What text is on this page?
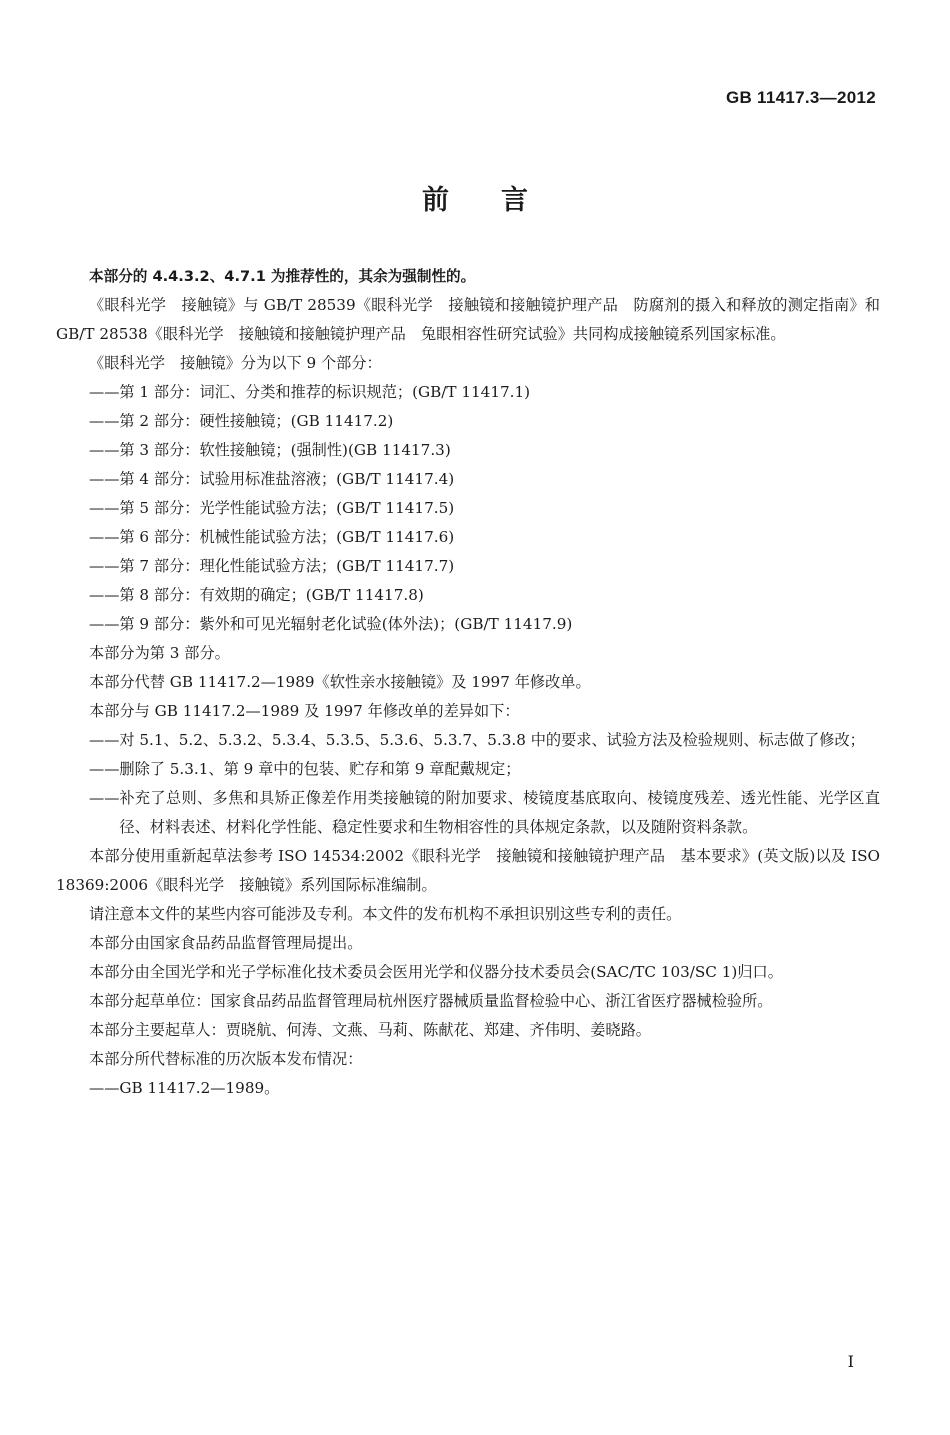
GB 11417.3—2012
前言

本部分的 4.4.3.2、4.7.1 为推荐性的，其余为强制性的。

《眼科光学　接触镜》与 GB/T 28539《眼科光学　接触镜和接触镜护理产品　防腐剂的摄入和释放的测定指南》和 GB/T 28538《眼科光学　接触镜和接触镜护理产品　兔眼相容性研究试验》共同构成接触镜系列国家标准。

《眼科光学　接触镜》分为以下 9 个部分：

—— 第 1 部分：词汇、分类和推荐的标识规范；(GB/T 11417.1)
—— 第 2 部分：硬性接触镜；(GB 11417.2)
—— 第 3 部分：软性接触镜；(强制性)(GB 11417.3)
—— 第 4 部分：试验用标准盐溶液；(GB/T 11417.4)
—— 第 5 部分：光学性能试验方法；(GB/T 11417.5)
—— 第 6 部分：机械性能试验方法；(GB/T 11417.6)
—— 第 7 部分：理化性能试验方法；(GB/T 11417.7)
—— 第 8 部分：有效期的确定；(GB/T 11417.8)
—— 第 9 部分：紫外和可见光辐射老化试验(体外法)；(GB/T 11417.9)

本部分为第 3 部分。

本部分代替 GB 11417.2—1989《软性亲水接触镜》及 1997 年修改单。

本部分与 GB 11417.2—1989 及 1997 年修改单的差异如下：

—— 对 5.1、5.2、5.3.2、5.3.4、5.3.5、5.3.6、5.3.7、5.3.8 中的要求、试验方法及检验规则、标志做了修改；
—— 删除了 5.3.1、第 9 章中的包装、贮存和第 9 章配戴规定；
—— 补充了总则、多焦和具矫正像差作用类接触镜的附加要求、棱镜度基底取向、棱镜度残差、透光性能、光学区直径、材料表述、材料化学性能、稳定性要求和生物相容性的具体规定条款，以及随附资料条款。

本部分使用重新起草法参考 ISO 14534:2002《眼科光学　接触镜和接触镜护理产品　基本要求》(英文版)以及 ISO 18369:2006《眼科光学　接触镜》系列国际标准编制。

请注意本文件的某些内容可能涉及专利。本文件的发布机构不承担识别这些专利的责任。

本部分由国家食品药品监督管理局提出。

本部分由全国光学和光子学标准化技术委员会医用光学和仪器分技术委员会(SAC/TC 103/SC 1)归口。

本部分起草单位：国家食品药品监督管理局杭州医疗器械质量监督检验中心、浙江省医疗器械检验所。

本部分主要起草人：贾晓航、何涛、文燕、马莉、陈献花、郑建、齐伟明、姜晓路。

本部分所代替标准的历次版本发布情况：

—— GB 11417.2—1989。
I
